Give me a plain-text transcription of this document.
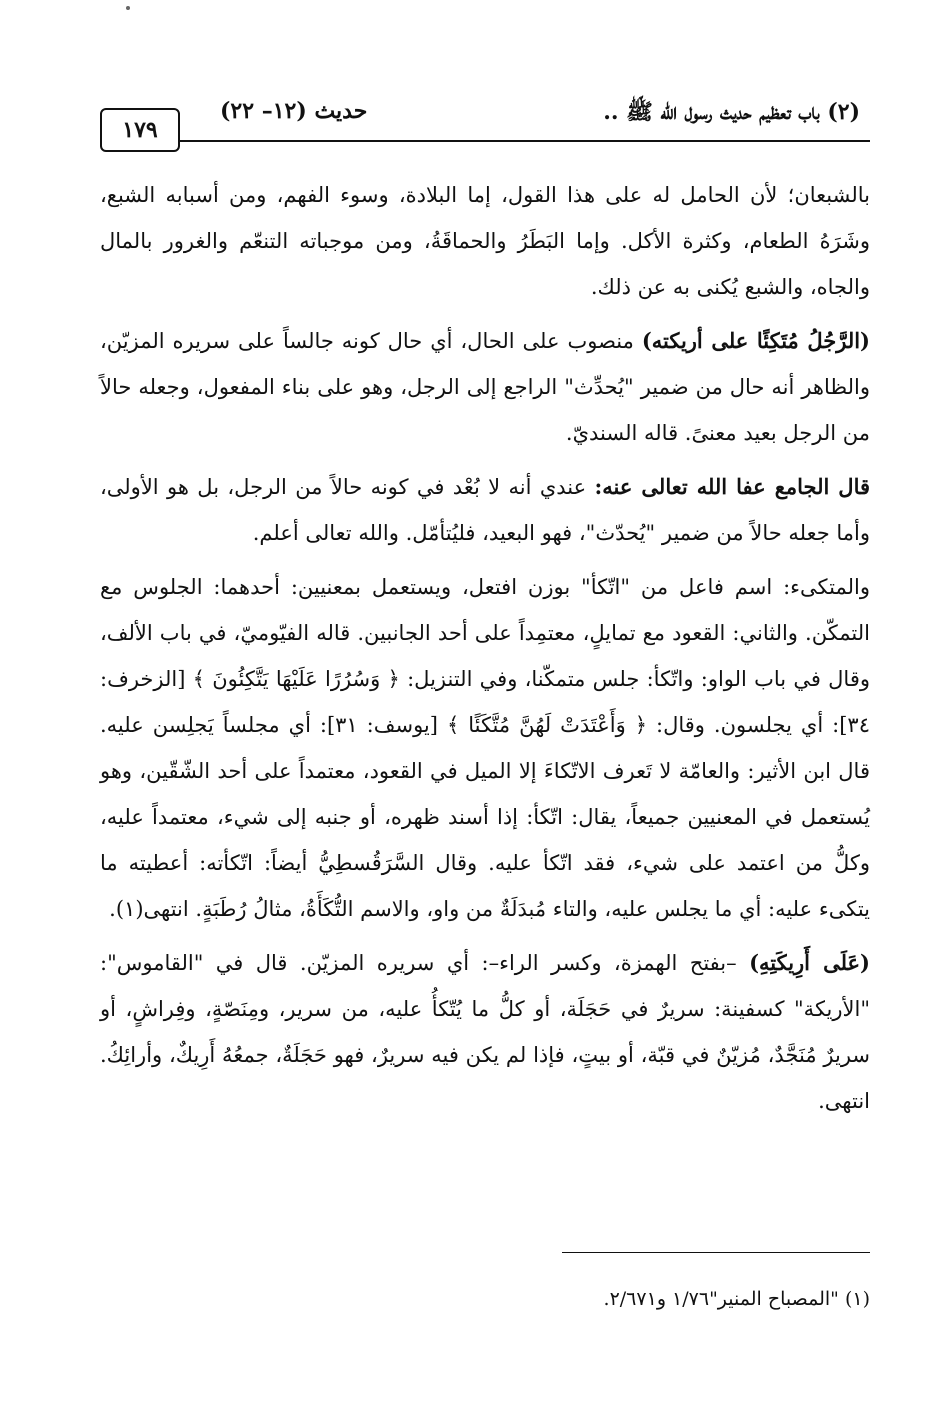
(٢) باب تعظيم حديث رسول الله ﷺ ..
حديث (١٢– ٢٢)
١٧٩

بالشبعان؛ لأن الحامل له على هذا القول، إما البلادة، وسوء الفهم، ومن أسبابه الشبع، وشَرَهُ الطعام، وكثرة الأكل. وإما البَطَرُ والحماقَةُ، ومن موجباته التنعّم والغرور بالمال والجاه، والشبع يُكنى به عن ذلك.

(الرَّجُلُ مُتَكِئًا على أريكته) منصوب على الحال، أي حال كونه جالساً على سريره المزيّن، والظاهر أنه حال من ضمير "يُحدِّث" الراجع إلى الرجل، وهو على بناء المفعول، وجعله حالاً من الرجل بعيد معنىً. قاله السنديّ.

قال الجامع عفا الله تعالى عنه: عندي أنه لا بُعْد في كونه حالاً من الرجل، بل هو الأولى، وأما جعله حالاً من ضمير "يُحدّث"، فهو البعيد، فليُتأمّل. والله تعالى أعلم.

والمتكىء: اسم فاعل من "اتّكأ" بوزن افتعل، ويستعمل بمعنيين: أحدهما: الجلوس مع التمكّن. والثاني: القعود مع تمايلٍ، معتمِداً على أحد الجانبين. قاله الفيّوميّ، في باب الألف، وقال في باب الواو: واتّكأ: جلس متمكّنا، وفي التنزيل: ﴿ وَسُرُرًا عَلَيْهَا يَتَّكِئُونَ ﴾ [الزخرف: ٣٤]: أي يجلسون. وقال: ﴿ وَأَعْتَدَتْ لَهُنَّ مُتَّكَئًا ﴾ [يوسف: ٣١]: أي مجلساً يَجلِسن عليه. قال ابن الأثير: والعامّة لا تَعرف الاتّكاءَ إلا الميل في القعود، معتمداً على أحد الشّقّين، وهو يُستعمل في المعنيين جميعاً، يقال: اتّكأ: إذا أسند ظهره، أو جنبه إلى شيء، معتمداً عليه، وكلُّ من اعتمد على شيء، فقد اتّكأ عليه. وقال السَّرَقُسطِيُّ أيضاً: اتّكأته: أعطيته ما يتكىء عليه: أي ما يجلس عليه، والتاء مُبدَلَةٌ من واو، والاسم التُّكَأَةُ، مثالُ رُطَبَةٍ. انتهى(١).

(عَلَى أَرِيكَتِهِ) –بفتح الهمزة، وكسر الراء–: أي سريره المزيّن. قال في "القاموس": "الأريكة" كسفينة: سريرٌ في حَجَلَة، أو كلُّ ما يُتّكأُ عليه، من سرير، ومِنَصّةٍ، وفِراشٍ، أو سريرٌ مُنَجَّدٌ، مُزيّنٌ في قبّة، أو بيتٍ، فإذا لم يكن فيه سريرٌ، فهو حَجَلَةٌ، جمعُهُ أَرِيكٌ، وأرائِكُ. انتهى.

(١) "المصباح المنير"١/٧٦ و٢/٦٧١.
